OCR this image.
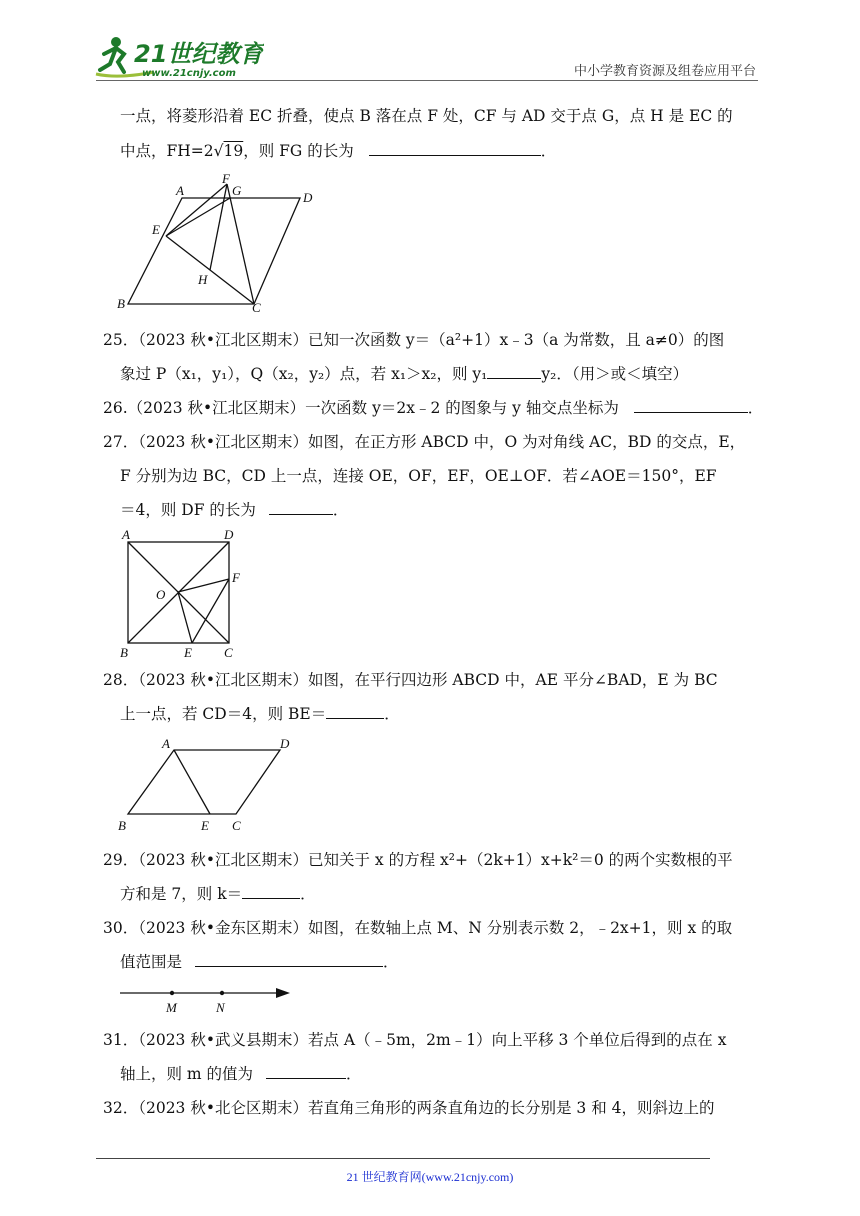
21世纪教育
www.21cnjy.com	中小学教育资源及组卷应用平台
一点，将菱形沿着 EC 折叠，使点 B 落在点 F 处，CF 与 AD 交于点 G，点 H 是 EC 的
中点，FH=2√19，则 FG 的长为	．
A
F
G	D
E
H
B	C
25．（2023 秋•江北区期末）已知一次函数 y＝（a²+1）x﹣3（a 为常数，且 a≠0）的图
象过 P（x₁，y₁），Q（x₂，y₂）点，若 x₁＞x₂，则 y₁	y₂．（用＞或＜填空）
26.（2023 秋•江北区期末）一次函数 y＝2x﹣2 的图象与 y 轴交点坐标为	．
27．（2023 秋•江北区期末）如图，在正方形 ABCD 中，O 为对角线 AC，BD 的交点，E，
F 分别为边 BC，CD 上一点，连接 OE，OF，EF，OE⊥OF．若∠AOE＝150°，EF
＝4，则 DF 的长为	．
A	D
F
O
B	E C
28．（2023 秋•江北区期末）如图，在平行四边形 ABCD 中，AE 平分∠BAD，E 为 BC
上一点，若 CD＝4，则 BE＝	．
A	D
B	E C
29．（2023 秋•江北区期末）已知关于 x 的方程 x²+（2k+1）x+k²＝0 的两个实数根的平
方和是 7，则 k＝	．
30．（2023 秋•金东区期末）如图，在数轴上点 M、N 分别表示数 2，﹣2x+1，则 x 的取
值范围是	．
M	N
31．（2023 秋•武义县期末）若点 A（﹣5m，2m﹣1）向上平移 3 个单位后得到的点在 x
轴上，则 m 的值为	．
32．（2023 秋•北仑区期末）若直角三角形的两条直角边的长分别是 3 和 4，则斜边上的
21 世纪教育网(www.21cnjy.com)
